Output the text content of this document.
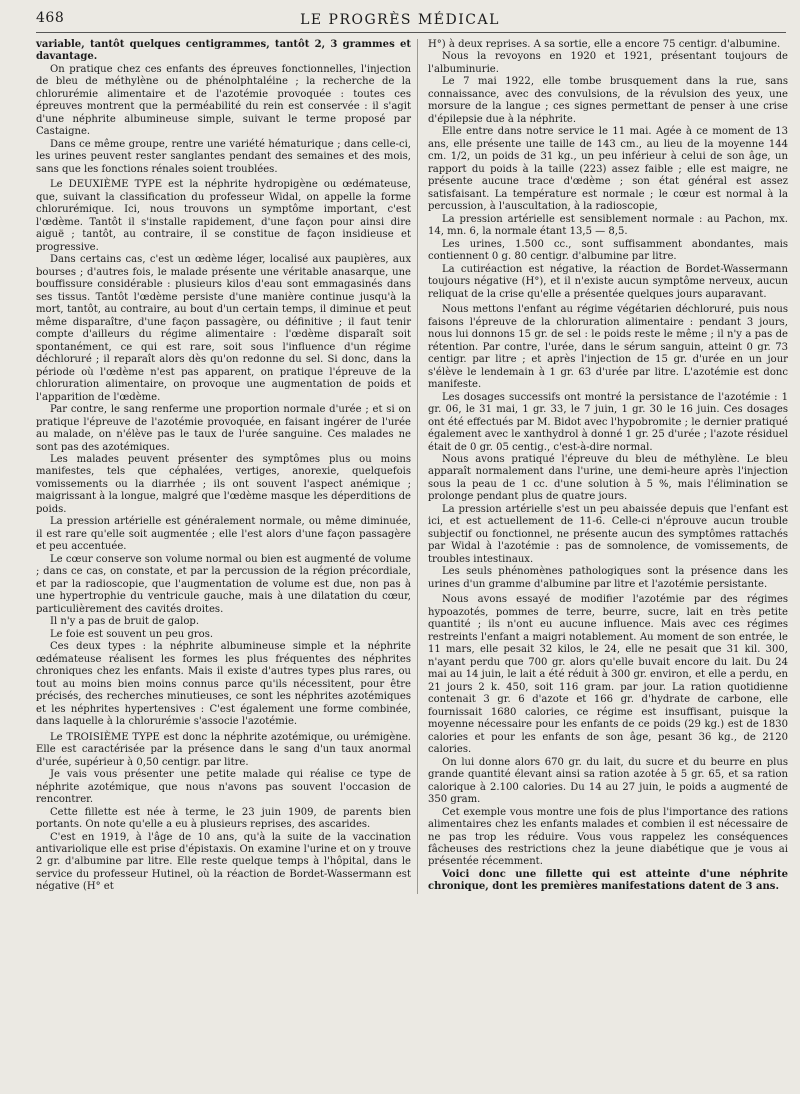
468	LE PROGRÈS MÉDICAL

variable, tantôt quelques centigrammes, tantôt 2, 3 grammes et davantage.

On pratique chez ces enfants des épreuves fonctionnelles, l'injection de bleu de méthylène ou de phénolphtaléine ; la recherche de la chlorurémie alimentaire et de l'azotémie provoquée : toutes ces épreuves montrent que la perméabilité du rein est conservée : il s'agit d'une néphrite albumineuse simple, suivant le terme proposé par Castaigne.

Dans ce même groupe, rentre une variété hématurique ; dans celle-ci, les urines peuvent rester sanglantes pendant des semaines et des mois, sans que les fonctions rénales soient troublées.

Le DEUXIÈME TYPE est la néphrite hydropigène ou œdémateuse, que, suivant la classification du professeur Widal, on appelle la forme chlorurémique. Ici, nous trouvons un symptôme important, c'est l'œdème. Tantôt il s'installe rapidement, d'une façon pour ainsi dire aiguë ; tantôt, au contraire, il se constitue de façon insidieuse et progressive.

Dans certains cas, c'est un œdème léger, localisé aux paupières, aux bourses ; d'autres fois, le malade présente une véritable anasarque, une bouffissure considérable : plusieurs kilos d'eau sont emmagasinés dans ses tissus. Tantôt l'œdème persiste d'une manière continue jusqu'à la mort, tantôt, au contraire, au bout d'un certain temps, il diminue et peut même disparaître, d'une façon passagère, ou définitive ; il faut tenir compte d'ailleurs du régime alimentaire : l'œdème disparaît soit spontanément, ce qui est rare, soit sous l'influence d'un régime déchloruré ; il reparaît alors dès qu'on redonne du sel. Si donc, dans la période où l'œdème n'est pas apparent, on pratique l'épreuve de la chloruration alimentaire, on provoque une augmentation de poids et l'apparition de l'œdème.

Par contre, le sang renferme une proportion normale d'urée ; et si on pratique l'épreuve de l'azotémie provoquée, en faisant ingérer de l'urée au malade, on n'élève pas le taux de l'urée sanguine. Ces malades ne sont pas des azotémiques.

Les malades peuvent présenter des symptômes plus ou moins manifestes, tels que céphalées, vertiges, anorexie, quelquefois vomissements ou la diarrhée ; ils ont souvent l'aspect anémique ; maigrissant à la longue, malgré que l'œdème masque les déperditions de poids.

La pression artérielle est généralement normale, ou même diminuée, il est rare qu'elle soit augmentée ; elle l'est alors d'une façon passagère et peu accentuée.

Le cœur conserve son volume normal ou bien est augmenté de volume ; dans ce cas, on constate, et par la percussion de la région précordiale, et par la radioscopie, que l'augmentation de volume est due, non pas à une hypertrophie du ventricule gauche, mais à une dilatation du cœur, particulièrement des cavités droites.

Il n'y a pas de bruit de galop.

Le foie est souvent un peu gros.

Ces deux types : la néphrite albumineuse simple et la néphrite œdémateuse réalisent les formes les plus fréquentes des néphrites chroniques chez les enfants. Mais il existe d'autres types plus rares, ou tout au moins bien moins connus parce qu'ils nécessitent, pour être précisés, des recherches minutieuses, ce sont les néphrites azotémiques et les néphrites hypertensives : C'est également une forme combinée, dans laquelle à la chlorurémie s'associe l'azotémie.

Le TROISIÈME TYPE est donc la néphrite azotémique, ou urémigène. Elle est caractérisée par la présence dans le sang d'un taux anormal d'urée, supérieur à 0,50 centigr. par litre.

Je vais vous présenter une petite malade qui réalise ce type de néphrite azotémique, que nous n'avons pas souvent l'occasion de rencontrer.

Cette fillette est née à terme, le 23 juin 1909, de parents bien portants. On note qu'elle a eu à plusieurs reprises, des ascarides.

C'est en 1919, à l'âge de 10 ans, qu'à la suite de la vaccination antivariolique elle est prise d'épistaxis. On examine l'urine et on y trouve 2 gr. d'albumine par litre. Elle reste quelque temps à l'hôpital, dans le service du professeur Hutinel, où la réaction de Bordet-Wassermann est négative (H° et

H°) à deux reprises. A sa sortie, elle a encore 75 centigr. d'albumine.

Nous la revoyons en 1920 et 1921, présentant toujours de l'albuminurie.

Le 7 mai 1922, elle tombe brusquement dans la rue, sans connaissance, avec des convulsions, de la révulsion des yeux, une morsure de la langue ; ces signes permettant de penser à une crise d'épilepsie due à la néphrite.

Elle entre dans notre service le 11 mai. Agée à ce moment de 13 ans, elle présente une taille de 143 cm., au lieu de la moyenne 144 cm. 1/2, un poids de 31 kg., un peu inférieur à celui de son âge, un rapport du poids à la taille (223) assez faible ; elle est maigre, ne présente aucune trace d'œdème ; son état général est assez satisfaisant. La température est normale ; le cœur est normal à la percussion, à l'auscultation, à la radioscopie,

La pression artérielle est sensiblement normale : au Pachon, mx. 14, mn. 6, la normale étant 13,5 — 8,5.

Les urines, 1.500 cc., sont suffisamment abondantes, mais contiennent 0 g. 80 centigr. d'albumine par litre.

La cutiréaction est négative, la réaction de Bordet-Wassermann toujours négative (H°), et il n'existe aucun symptôme nerveux, aucun reliquat de la crise qu'elle a présentée quelques jours auparavant.

Nous mettons l'enfant au régime végétarien déchloruré, puis nous faisons l'épreuve de la chloruration alimentaire : pendant 3 jours, nous lui donnons 15 gr. de sel : le poids reste le même ; il n'y a pas de rétention. Par contre, l'urée, dans le sérum sanguin, atteint 0 gr. 73 centigr. par litre ; et après l'injection de 15 gr. d'urée en un jour s'élève le lendemain à 1 gr. 63 d'urée par litre. L'azotémie est donc manifeste.

Les dosages successifs ont montré la persistance de l'azotémie : 1 gr. 06, le 31 mai, 1 gr. 33, le 7 juin, 1 gr. 30 le 16 juin. Ces dosages ont été effectués par M. Bidot avec l'hypobromite ; le dernier pratiqué également avec le xanthydrol à donné 1 gr. 25 d'urée ; l'azote résiduel était de 0 gr. 05 centig., c'est-à-dire normal.

Nous avons pratiqué l'épreuve du bleu de méthylène. Le bleu apparaît normalement dans l'urine, une demi-heure après l'injection sous la peau de 1 cc. d'une solution à 5 %, mais l'élimination se prolonge pendant plus de quatre jours.

La pression artérielle s'est un peu abaissée depuis que l'enfant est ici, et est actuellement de 11-6. Celle-ci n'éprouve aucun trouble subjectif ou fonctionnel, ne présente aucun des symptômes rattachés par Widal à l'azotémie : pas de somnolence, de vomissements, de troubles intestinaux.

Les seuls phénomènes pathologiques sont la présence dans les urines d'un gramme d'albumine par litre et l'azotémie persistante.

Nous avons essayé de modifier l'azotémie par des régimes hypoazotés, pommes de terre, beurre, sucre, lait en très petite quantité ; ils n'ont eu aucune influence. Mais avec ces régimes restreints l'enfant a maigri notablement. Au moment de son entrée, le 11 mars, elle pesait 32 kilos, le 24, elle ne pesait que 31 kil. 300, n'ayant perdu que 700 gr. alors qu'elle buvait encore du lait. Du 24 mai au 14 juin, le lait a été réduit à 300 gr. environ, et elle a perdu, en 21 jours 2 k. 450, soit 116 gram. par jour. La ration quotidienne contenait 3 gr. 6 d'azote et 166 gr. d'hydrate de carbone, elle fournissait 1680 calories, ce régime est insuffisant, puisque la moyenne nécessaire pour les enfants de ce poids (29 kg.) est de 1830 calories et pour les enfants de son âge, pesant 36 kg., de 2120 calories.

On lui donne alors 670 gr. du lait, du sucre et du beurre en plus grande quantité élevant ainsi sa ration azotée à 5 gr. 65, et sa ration calorique à 2.100 calories. Du 14 au 27 juin, le poids a augmenté de 350 gram.

Cet exemple vous montre une fois de plus l'importance des rations alimentaires chez les enfants malades et combien il est nécessaire de ne pas trop les réduire. Vous vous rappelez les conséquences fâcheuses des restrictions chez la jeune diabétique que je vous ai présentée récemment.

Voici donc une fillette qui est atteinte d'une néphrite chronique, dont les premières manifestations datent de 3 ans.
